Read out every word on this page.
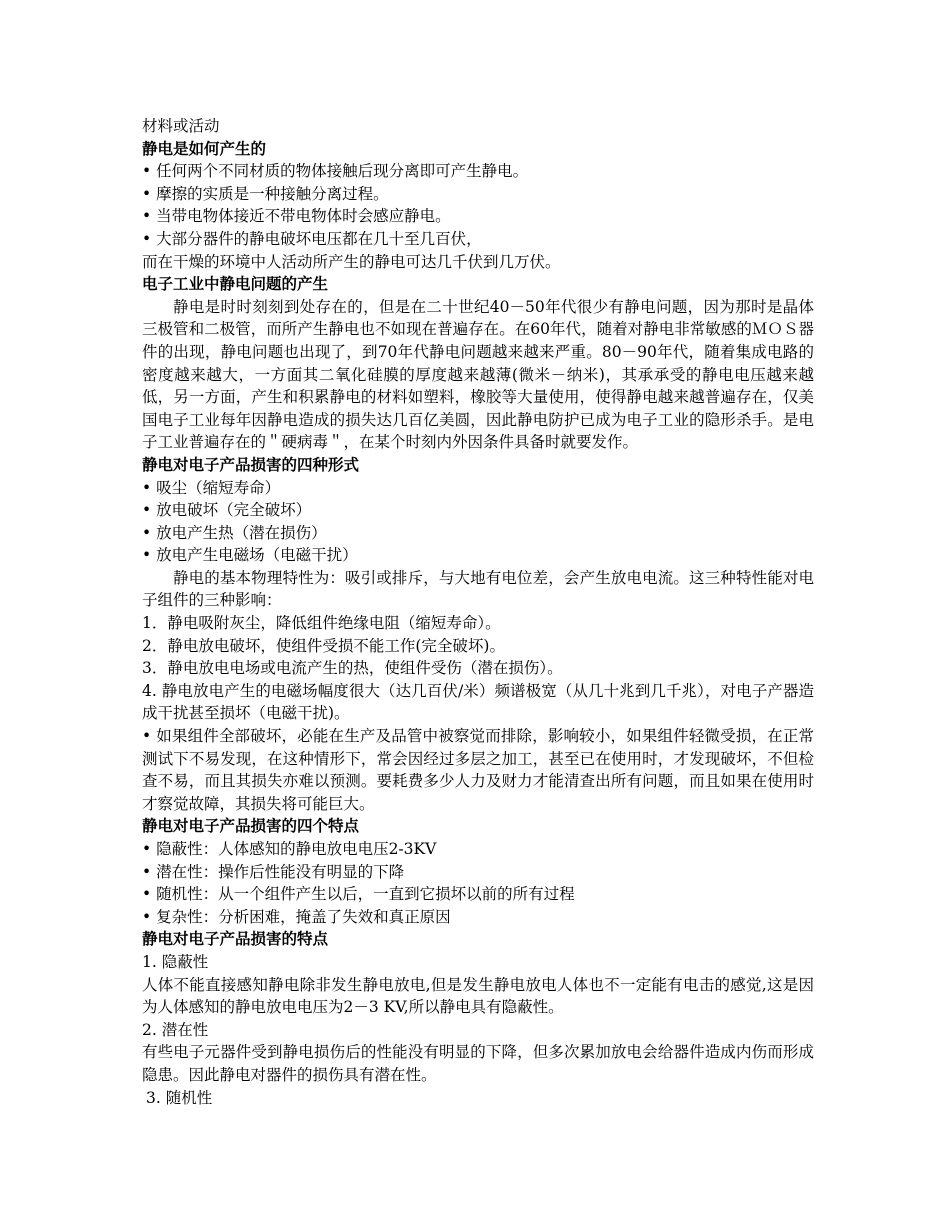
材料或活动

静电是如何产生的

• 任何两个不同材质的物体接触后现分离即可产生静电。

• 摩擦的实质是一种接触分离过程。

• 当带电物体接近不带电物体时会感应静电。

• 大部分器件的静电破坏电压都在几十至几百伏，

而在干燥的环境中人活动所产生的静电可达几千伏到几万伏。

电子工业中静电问题的产生

静电是时时刻刻到处存在的，但是在二十世纪40－50年代很少有静电问题，因为那时是晶体三极管和二极管，而所产生静电也不如现在普遍存在。在60年代，随着对静电非常敏感的ＭＯＳ器件的出现，静电问题也出现了，到70年代静电问题越来越来严重。80－90年代，随着集成电路的密度越来越大，一方面其二氧化硅膜的厚度越来越薄(微米－纳米)，其承承受的静电电压越来越低，另一方面，产生和积累静电的材料如塑料，橡胶等大量使用，使得静电越来越普遍存在，仅美国电子工业每年因静电造成的损失达几百亿美圆，因此静电防护已成为电子工业的隐形杀手。是电子工业普遍存在的＂硬病毒＂，在某个时刻内外因条件具备时就要发作。

静电对电子产品损害的四种形式

• 吸尘（缩短寿命）

• 放电破坏（完全破坏）

• 放电产生热（潜在损伤）

• 放电产生电磁场（电磁干扰）

静电的基本物理特性为：吸引或排斥，与大地有电位差，会产生放电电流。这三种特性能对电子组件的三种影响：

1．静电吸附灰尘，降低组件绝缘电阻（缩短寿命）。

2．静电放电破坏，使组件受损不能工作(完全破坏)。

3．静电放电电场或电流产生的热，使组件受伤（潜在损伤）。

4. 静电放电产生的电磁场幅度很大（达几百伏/米）频谱极宽（从几十兆到几千兆），对电子产器造成干扰甚至损坏（电磁干扰)。

• 如果组件全部破坏，必能在生产及品管中被察觉而排除，影响较小，如果组件轻微受损，在正常测试下不易发现，在这种情形下，常会因经过多层之加工，甚至已在使用时，才发现破坏，不但检查不易，而且其损失亦难以预测。要耗费多少人力及财力才能清查出所有问题，而且如果在使用时才察觉故障，其损失将可能巨大。

静电对电子产品损害的四个特点

• 隐蔽性：人体感知的静电放电电压2-3KV

• 潜在性：操作后性能没有明显的下降

• 随机性：从一个组件产生以后，一直到它损坏以前的所有过程

• 复杂性：分析困难，掩盖了失效和真正原因

静电对电子产品损害的特点

1. 隐蔽性

人体不能直接感知静电除非发生静电放电,但是发生静电放电人体也不一定能有电击的感觉,这是因为人体感知的静电放电电压为2－3 KV,所以静电具有隐蔽性。

2. 潜在性

有些电子元器件受到静电损伤后的性能没有明显的下降，但多次累加放电会给器件造成内伤而形成隐患。因此静电对器件的损伤具有潜在性。

3. 随机性
